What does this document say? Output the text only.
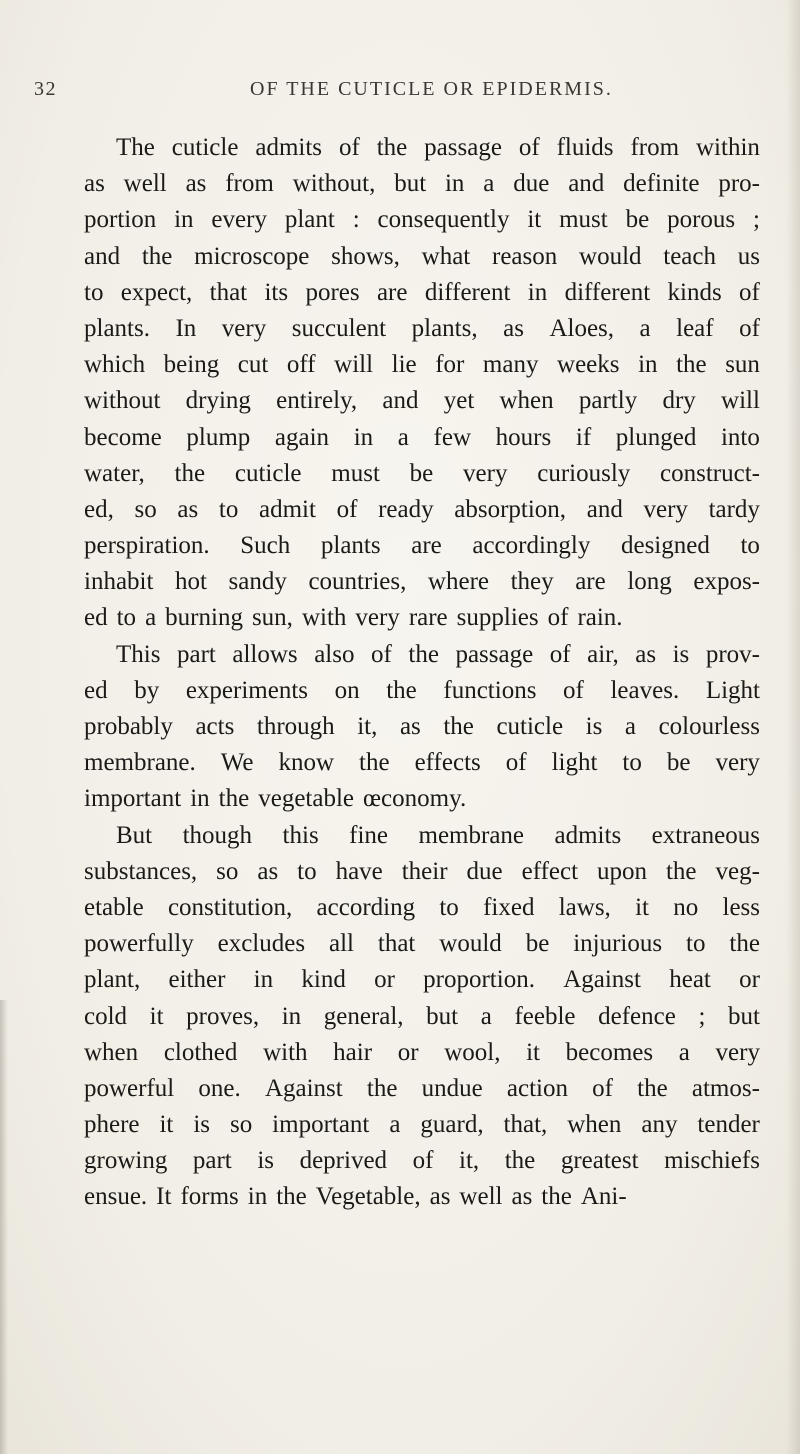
32	OF THE CUTICLE OR EPIDERMIS.
The cuticle admits of the passage of fluids from within
as well as from without, but in a due and definite pro-
portion in every plant : consequently it must be porous ;
and the microscope shows, what reason would teach us
to expect, that its pores are different in different kinds of
plants. In very succulent plants, as Aloes, a leaf of
which being cut off will lie for many weeks in the sun
without drying entirely, and yet when partly dry will
become plump again in a few hours if plunged into
water, the cuticle must be very curiously construct-
ed, so as to admit of ready absorption, and very tardy
perspiration. Such plants are accordingly designed to
inhabit hot sandy countries, where they are long expos-
ed to a burning sun, with very rare supplies of rain.
This part allows also of the passage of air, as is prov-
ed by experiments on the functions of leaves. Light
probably acts through it, as the cuticle is a colourless
membrane. We know the effects of light to be very
important in the vegetable œconomy.
But though this fine membrane admits extraneous
substances, so as to have their due effect upon the veg-
etable constitution, according to fixed laws, it no less
powerfully excludes all that would be injurious to the
plant, either in kind or proportion. Against heat or
cold it proves, in general, but a feeble defence ; but
when clothed with hair or wool, it becomes a very
powerful one. Against the undue action of the atmos-
phere it is so important a guard, that, when any tender
growing part is deprived of it, the greatest mischiefs
ensue. It forms in the Vegetable, as well as the Ani-
